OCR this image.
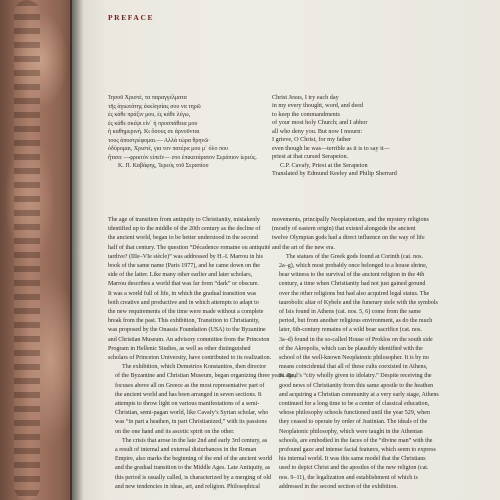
PREFACE
Ἰησοῦ Χριστέ, τα παραγγέλματα
τῆς ἁγιωτάτης ἐκκλησίας σου να τηρῶ
ἐς κάθε πράξιν μου, ἐς κάθε λέγω,
ἐς κάθε σκέψι εἰν᾽ ἡ προσπάθεια μου
ἡ καθημερινή. Κι ὅσους σε ἀρνοῦνται
τους ἀποστρέφομαι.— Αλλά τώρα θρηνῶ·
ὀδύρομαι, Χριστέ, για τον πατέρα μου μ᾽ όλο που
ἤτανε —φρικτόν εἰπεῖν— στο ἐπικατάρατον Σεράπιον ἱερεύς.
Κ. Π. Καβάφης, Ἱερεὺς τοῦ Σεραπίου
Christ Jesus, I try each day
in my every thought, word, and deed
to keep the commandments
of your most holy Church; and I abhor
all who deny you. But now I mourn:
I grieve, O Christ, for my father
even though he was—terrible as it is to say it—
priest at that cursed Serapeion.
C.P. Cavafy, Priest at the Serapeion
Translated by Edmund Keeley and Philip Sherrard

The age of transition from antiquity to Christianity, mistakenly
identified up to the middle of the 20th century as the decline of
the ancient world, began to be better understood in the second
half of that century. The question “Décadence romaine ou antiquité
tardive? (IIIe–VIe siècle)” was addressed by H.-I. Marrou in his
book of the same name (Paris 1977), and he came down on the
side of the latter. Like many other earlier and later scholars,
Marrou describes a world that was far from “dark” or obscure.
It was a world full of life, in which the gradual transition was
both creative and productive and in which attempts to adapt to
the new requirements of the time were made without a complete
break from the past. This exhibition, Transition to Christianity,
was proposed by the Onassis Foundation (USA) to the Byzantine
and Christian Museum. An advisory committee from the Princeton
Program in Hellenic Studies, as well as other distinguished
scholars of Princeton University, have contributed to its realization.

The exhibition, which Demetrios Konstantios, then director
of the Byzantine and Christian Museum, began organizing three years ago,
focuses above all on Greece as the most representative part of
the ancient world and has been arranged in seven sections. It
attempts to throw light on various manifestations of a semi-
Christian, semi-pagan world, like Cavafy’s Syrian scholar, who
was “in part a heathen, in part Christianized,” with its passions
on the one hand and its ascetic spirit on the other.

The crisis that arose in the late 2nd and early 3rd century, as
a result of internal and external disturbances in the Roman
Empire, also marks the beginning of the end of the ancient world
and the gradual transition to the Middle Ages. Late Antiquity, as
this period is usually called, is characterized by a merging of old
and new tendencies in ideas, art, and religion. Philosophical

movements, principally Neoplatonism, and the mystery religions
(mostly of eastern origin) that existed alongside the ancient
twelve Olympian gods had a direct influence on the way of life
and the art of the new era.

The statues of the Greek gods found at Corinth (cat. nos.
2a–g), which most probably once belonged to a house shrine,
bear witness to the survival of the ancient religion in the 4th
century, a time when Christianity had not just gained ground
over the other religions but had also acquired legal status. The
taurobolic altar of Kybele and the funerary stele with the symbols
of Isis found in Athens (cat. nos. 5, 6) come from the same
period, but from another religious environment, as do the much
later, 6th-century remains of a wild boar sacrifice (cat. nos.
3a–d) found in the so-called House of Proklos on the south side
of the Akropolis, which can be plausibly identified with the
school of the well-known Neoplatonic philosopher. It is by no
means coincidental that all of these cults coexisted in Athens,
St. Paul’s “city wholly given to idolatry.” Despite receiving the
good news of Christianity from this same apostle to the heathen
and acquiring a Christian community at a very early stage, Athens
continued for a long time to be a center of classical education,
whose philosophy schools functioned until the year 529, when
they ceased to operate by order of Justinian. The ideals of the
Neoplatonic philosophy, which were taught in the Athenian
schools, are embodied in the faces of the “divine man” with the
profound gaze and intense facial features, which seem to express
his internal world. It was this same model that the Christians
used to depict Christ and the apostles of the new religion (cat.
nos. 9–11), the legalization and establishment of which is
addressed in the second section of the exhibition.
